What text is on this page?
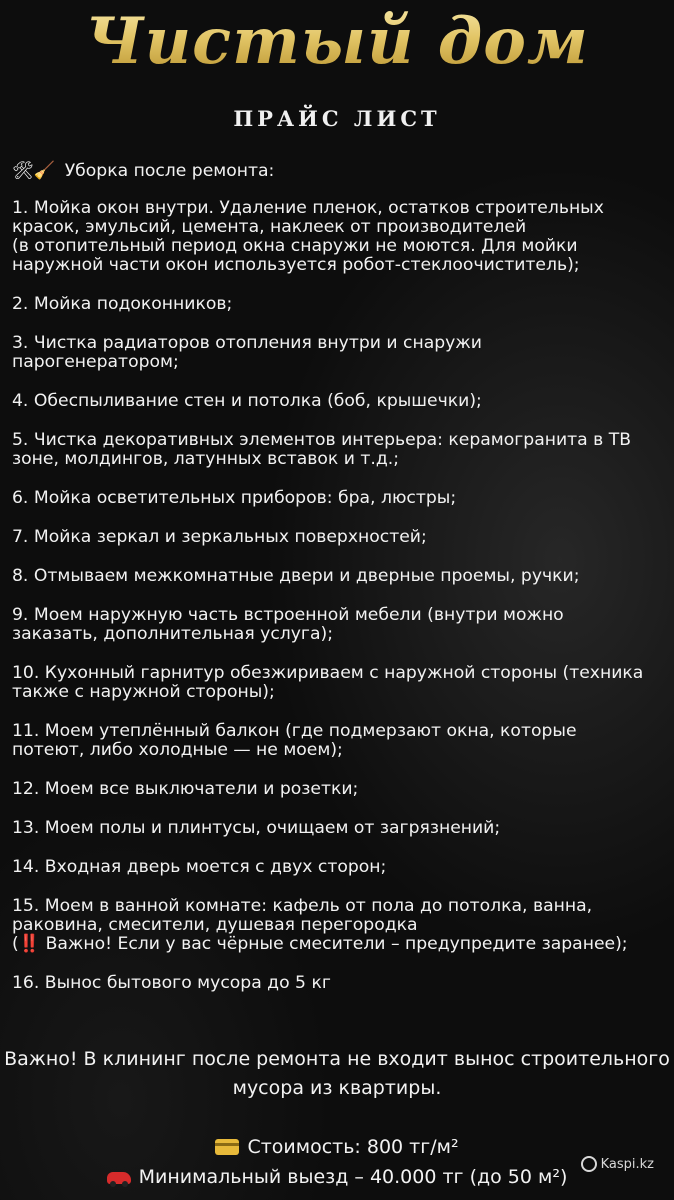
Чистый дом
ПРАЙС ЛИСТ
🛠🧹 Уборка после ремонта:
1. Мойка окон внутри. Удаление пленок, остатков строительных
красок, эмульсий, цемента, наклеек от производителей
(в отопительный период окна снаружи не моются. Для мойки
наружной части окон используется робот-стеклоочиститель);
2. Мойка подоконников;
3. Чистка радиаторов отопления внутри и снаружи
парогенератором;
4. Обеспыливание стен и потолка (боб, крышечки);
5. Чистка декоративных элементов интерьера: керамогранита в ТВ
зоне, молдингов, латунных вставок и т.д.;
6. Мойка осветительных приборов: бра, люстры;
7. Мойка зеркал и зеркальных поверхностей;
8. Отмываем межкомнатные двери и дверные проемы, ручки;
9. Моем наружную часть встроенной мебели (внутри можно
заказать, дополнительная услуга);
10. Кухонный гарнитур обезжириваем с наружной стороны (техника
также с наружной стороны);
11. Моем утеплённый балкон (где подмерзают окна, которые
потеют, либо холодные — не моем);
12. Моем все выключатели и розетки;
13. Моем полы и плинтусы, очищаем от загрязнений;
14. Входная дверь моется с двух сторон;
15. Моем в ванной комнате: кафель от пола до потолка, ванна,
раковина, смесители, душевая перегородка
(‼️ Важно! Если у вас чёрные смесители – предупредите заранее);
16. Вынос бытового мусора до 5 кг
Важно! В клининг после ремонта не входит вынос строительного мусора из квартиры.
Стоимость: 800 тг/м²
Минимальный выезд – 40.000 тг (до 50 м²)
Kaspi.kz
